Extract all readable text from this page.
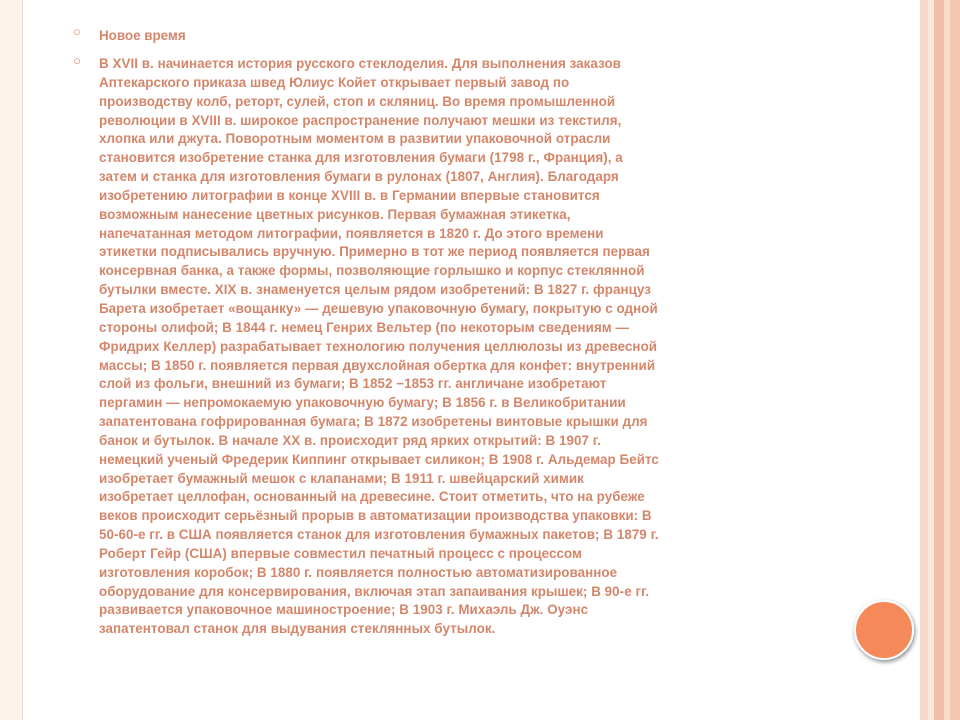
○ Новое время
○ В XVII в. начинается история русского стеклоделия. Для выполнения заказов
Аптекарского приказа швед Юлиус Койет открывает первый завод по
производству колб, реторт, сулей, стоп и скляниц. Во время промышленной
революции в XVIII в. широкое распространение получают мешки из текстиля,
хлопка или джута. Поворотным моментом в развитии упаковочной отрасли
становится изобретение станка для изготовления бумаги (1798 г., Франция), а
затем и станка для изготовления бумаги в рулонах (1807, Англия). Благодаря
изобретению литографии в конце XVIII в. в Германии впервые становится
возможным нанесение цветных рисунков. Первая бумажная этикетка,
напечатанная методом литографии, появляется в 1820 г. До этого времени
этикетки подписывались вручную. Примерно в тот же период появляется первая
консервная банка, а также формы, позволяющие горлышко и корпус стеклянной
бутылки вместе. XIX в. знаменуется целым рядом изобретений: В 1827 г. француз
Барета изобретает «вощанку» — дешевую упаковочную бумагу, покрытую с одной
стороны олифой; В 1844 г. немец Генрих Вельтер (по некоторым сведениям —
Фридрих Келлер) разрабатывает технологию получения целлюлозы из древесной
массы; В 1850 г. появляется первая двухслойная обертка для конфет: внутренний
слой из фольги, внешний из бумаги; В 1852 −1853 гг. англичане изобретают
пергамин — непромокаемую упаковочную бумагу; В 1856 г. в Великобритании
запатентована гофрированная бумага; В 1872 изобретены винтовые крышки для
банок и бутылок. В начале XX в. происходит ряд ярких открытий: В 1907 г.
немецкий ученый Фредерик Киппинг открывает силикон; В 1908 г. Альдемар Бейтс
изобретает бумажный мешок с клапанами; В 1911 г. швейцарский химик
изобретает целлофан, основанный на древесине. Стоит отметить, что на рубеже
веков происходит серьёзный прорыв в автоматизации производства упаковки: В
50-60-е гг. в США появляется станок для изготовления бумажных пакетов; В 1879 г.
Роберт Гейр (США) впервые совместил печатный процесс с процессом
изготовления коробок; В 1880 г. появляется полностью автоматизированное
оборудование для консервирования, включая этап запаивания крышек; В 90-е гг.
развивается упаковочное машиностроение; В 1903 г. Михаэль Дж. Оуэнс
запатентовал станок для выдувания стеклянных бутылок.
